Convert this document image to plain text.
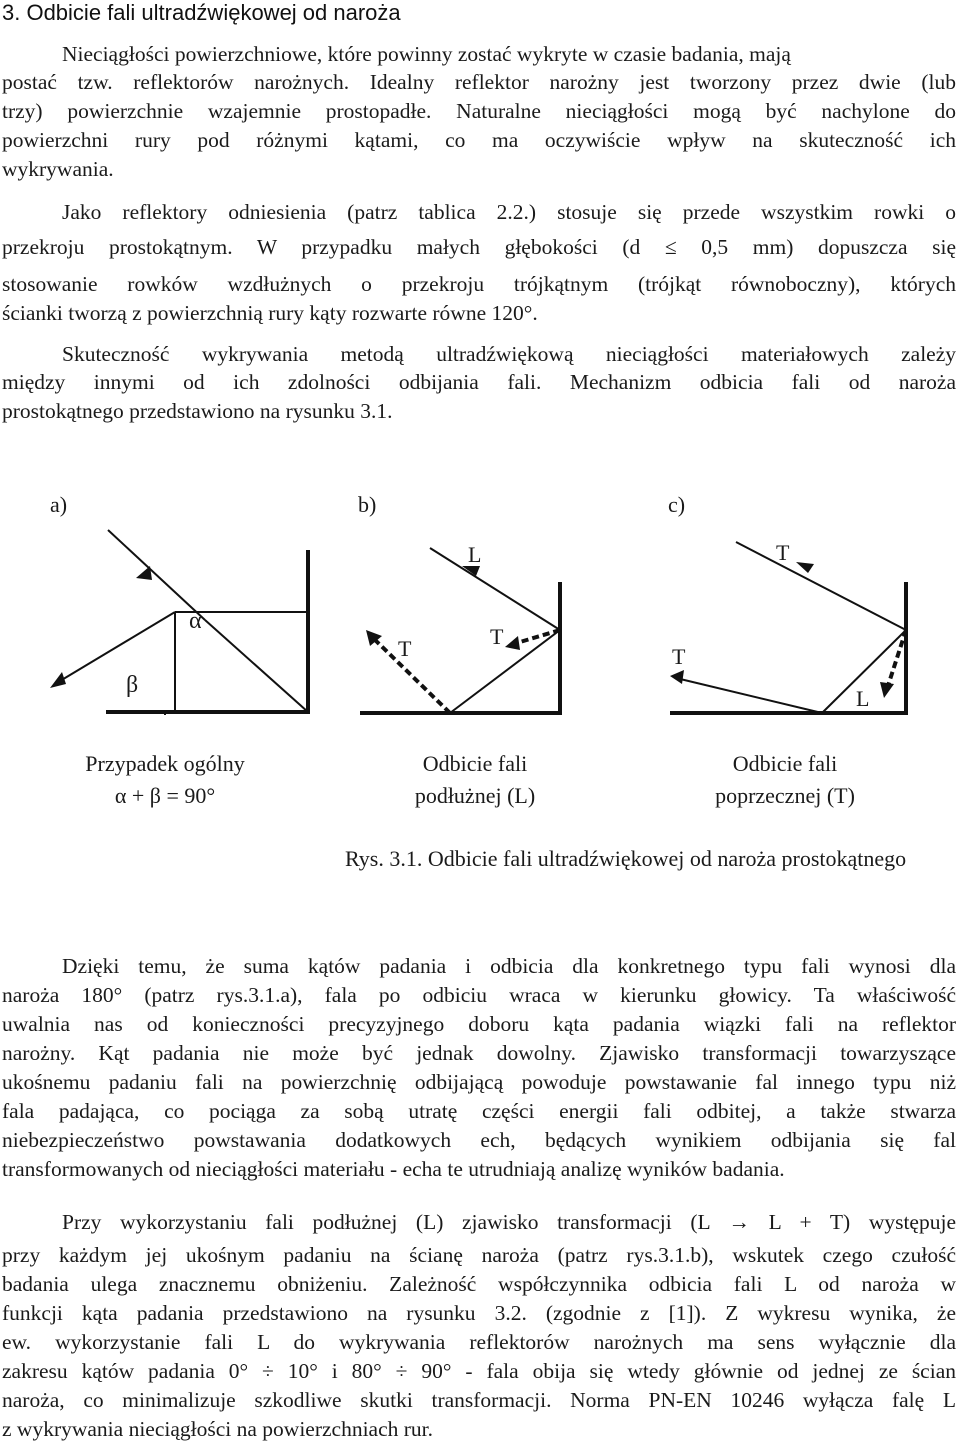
3. Odbicie fali ultradźwiękowej od naroża
Nieciągłości powierzchniowe, które powinny zostać wykryte w czasie badania, mają
postać tzw. reflektorów narożnych. Idealny reflektor narożny jest tworzony przez dwie (lub
trzy) powierzchnie wzajemnie prostopadłe. Naturalne nieciągłości mogą być nachylone do
powierzchni rury pod różnymi kątami, co ma oczywiście wpływ na skuteczność ich
wykrywania.
Jako reflektory odniesienia (patrz tablica 2.2.) stosuje się przede wszystkim rowki o
przekroju prostokątnym. W przypadku małych głębokości (d ≤ 0,5 mm) dopuszcza się
stosowanie rowków wzdłużnych o przekroju trójkątnym (trójkąt równoboczny), których
ścianki tworzą z powierzchnią rury kąty rozwarte równe 120°.
Skuteczność wykrywania metodą ultradźwiękową nieciągłości materiałowych zależy
między innymi od ich zdolności odbijania fali. Mechanizm odbicia fali od naroża
prostokątnego przedstawiono na rysunku 3.1.
a)
α
β
b)
L
T	T
c)
T
T
L
Przypadek ogólny
α + β = 90°
Odbicie fali
podłużnej (L)
Odbicie fali
poprzecznej (T)
Rys. 3.1. Odbicie fali ultradźwiękowej od naroża prostokątnego
Dzięki temu, że suma kątów padania i odbicia dla konkretnego typu fali wynosi dla
naroża 180° (patrz rys.3.1.a), fala po odbiciu wraca w kierunku głowicy. Ta właściwość
uwalnia nas od konieczności precyzyjnego doboru kąta padania wiązki fali na reflektor
narożny. Kąt padania nie może być jednak dowolny. Zjawisko transformacji towarzyszące
ukośnemu padaniu fali na powierzchnię odbijającą powoduje powstawanie fal innego typu niż
fala padająca, co pociąga za sobą utratę części energii fali odbitej, a także stwarza
niebezpieczeństwo powstawania dodatkowych ech, będących wynikiem odbijania się fal
transformowanych od nieciągłości materiału - echa te utrudniają analizę wyników badania.
Przy wykorzystaniu fali podłużnej (L) zjawisko transformacji (L → L + T) występuje
przy każdym jej ukośnym padaniu na ścianę naroża (patrz rys.3.1.b), wskutek czego czułość
badania ulega znacznemu obniżeniu. Zależność współczynnika odbicia fali L od naroża w
funkcji kąta padania przedstawiono na rysunku 3.2. (zgodnie z [1]). Z wykresu wynika, że
ew. wykorzystanie fali L do wykrywania reflektorów narożnych ma sens wyłącznie dla
zakresu kątów padania 0° ÷ 10° i 80° ÷ 90° - fala obija się wtedy głównie od jednej ze ścian
naroża, co minimalizuje szkodliwe skutki transformacji. Norma PN-EN 10246 wyłącza falę L
z wykrywania nieciągłości na powierzchniach rur.
